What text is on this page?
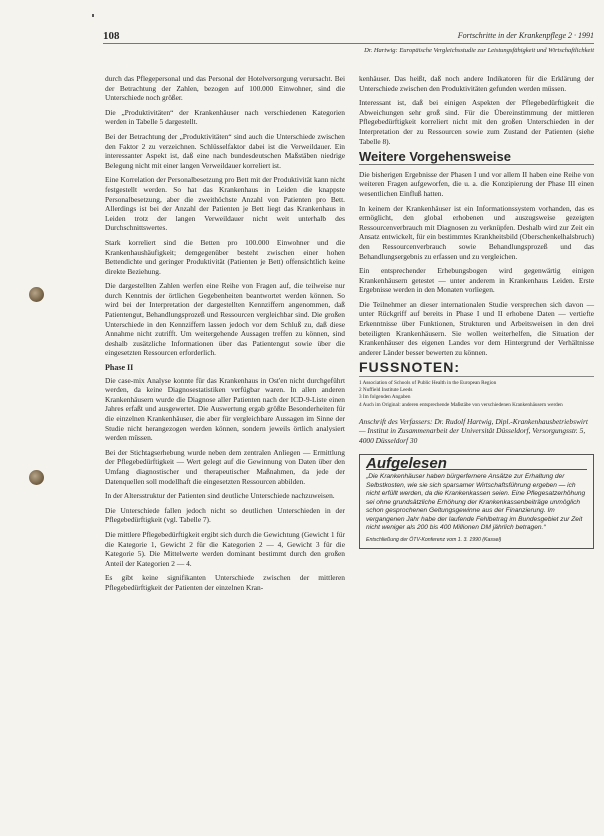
108	Fortschritte in der Krankenpflege 2 · 1991
Dr. Hartwig: Europäische Vergleichsstudie zur Leistungsfähigkeit und Wirtschaftlichkeit

durch das Pflegepersonal und das Personal der Hotelversorgung verursacht. Bei der Betrachtung der Zahlen, bezogen auf 100.000 Einwohner, sind die Unterschiede noch größer.

Die „Produktivitäten“ der Krankenhäuser nach verschiedenen Kategorien werden in Tabelle 5 dargestellt.

Bei der Betrachtung der „Produktivitäten“ sind auch die Unterschiede zwischen den Faktor 2 zu verzeichnen. Schlüsselfaktor dabei ist die Verweildauer. Ein interessanter Aspekt ist, daß eine nach bundesdeutschen Maßstäben niedrige Belegung nicht mit einer langen Verweildauer korreliert ist.

Eine Korrelation der Personalbesetzung pro Bett mit der Produktivität kann nicht festgestellt werden. So hat das Krankenhaus in Leiden die knappste Personalbesetzung, aber die zweithöchste Anzahl von Patienten pro Bett. Allerdings ist bei der Anzahl der Patienten je Bett liegt das Krankenhaus in Leiden trotz der langen Verweildauer nicht weit unterhalb des Durchschnittswertes.

Stark korreliert sind die Betten pro 100.000 Einwohner und die Krankenhaushäufigkeit; demgegenüber besteht zwischen einer hohen Bettendichte und geringer Produktivität (Patienten je Bett) offensichtlich keine direkte Beziehung.

Die dargestellten Zahlen werfen eine Reihe von Fragen auf, die teilweise nur durch Kenntnis der örtlichen Gegebenheiten beantwortet werden können. So wird bei der Interpretation der dargestellten Kennziffern angenommen, daß Patientengut, Behandlungsprozeß und Ressourcen vergleichbar sind. Die großen Unterschiede in den Kennziffern lassen jedoch vor dem Schluß zu, daß diese Annahme nicht zutrifft. Um weitergehende Aussagen treffen zu können, sind deshalb zusätzliche Informationen über das Patientengut sowie über die eingesetzten Ressourcen erforderlich.

Phase II

Die case-mix Analyse konnte für das Krankenhaus in Ost'en nicht durchgeführt werden, da keine Diagnosestatistiken verfügbar waren. In allen anderen Krankenhäusern wurde die Diagnose aller Patienten nach der ICD-9-Liste einen Jahres erfaßt und ausgewertet. Die Auswertung ergab größte Besonderheiten für die einzelnen Krankenhäuser, die aber für vergleichbare Aussagen im Sinne der Studie nicht herangezogen werden können, sondern jeweils örtlich analysiert werden müssen.

Bei der Stichtagserhebung wurde neben dem zentralen Anliegen — Ermittlung der Pflegebedürftigkeit — Wert gelegt auf die Gewinnung von Daten über den Umfang diagnostischer und therapeutischer Maßnahmen, da jede der Datenquellen soll modellhaft die eingesetzten Ressourcen abbilden.

In der Altersstruktur der Patienten sind deutliche Unterschiede nachzuweisen.

Die Unterschiede fallen jedoch nicht so deutlichen Unterschieden in der Pflegebedürftigkeit (vgl. Tabelle 7).

Die mittlere Pflegebedürftigkeit ergibt sich durch die Gewichtung (Gewicht 1 für die Kategorie 1, Gewicht 2 für die Kategorien 2 — 4, Gewicht 3 für die Kategorie 5). Die Mittelwerte werden dominant bestimmt durch den großen Anteil der Kategorien 2 — 4.

Es gibt keine signifikanten Unterschiede zwischen der mittleren Pflegebedürftigkeit der Patienten der einzelnen Kran-

kenhäuser. Das heißt, daß noch andere Indikatoren für die Erklärung der Unterschiede zwischen den Produktivitäten gefunden werden müssen.

Interessant ist, daß bei einigen Aspekten der Pflegebedürftigkeit die Abweichungen sehr groß sind. Für die Übereinstimmung der mittleren Pflegebedürftigkeit korreliert nicht mit den großen Unterschieden in der Interpretation der zu Ressourcen sowie zum Zustand der Patienten (siehe Tabelle 8).

Weitere Vorgehensweise

Die bisherigen Ergebnisse der Phasen I und vor allem II haben eine Reihe von weiteren Fragen aufgeworfen, die u. a. die Konzipierung der Phase III einen wesentlichen Einfluß hatten.

In keinem der Krankenhäuser ist ein Informationssystem vorhanden, das es ermöglicht, den global erhobenen und auszugsweise gezeigten Ressourcenverbrauch mit Diagnosen zu verknüpfen. Deshalb wird zur Zeit ein Ansatz entwickelt, für ein bestimmtes Krankheitsbild (Oberschenkelhalsbruch) den Ressourcenverbrauch sowie Behandlungsprozeß und das Behandlungsergebnis zu erfassen und zu vergleichen.

Ein entsprechender Erhebungsbogen wird gegenwärtig einigen Krankenhäusern getestet — unter anderem in Krankenhaus Leiden. Erste Ergebnisse werden in den Monaten vorliegen.

Die Teilnehmer an dieser internationalen Studie versprechen sich davon — unter Rückgriff auf bereits in Phase I und II erhobene Daten — vertiefte Erkenntnisse über Funktionen, Strukturen und Arbeitsweisen in den drei beteiligten Krankenhäusern. Sie wollen weiterhelfen, die Situation der Krankenhäuser des eigenen Landes vor dem Hintergrund der Verhältnisse anderer Länder besser bewerten zu können.

FUSSNOTEN:
1 Association of Schools of Public Health in the European Region
2 Nuffield Institute Leeds
3 Im folgenden Angaben
4 Auch im Original: anderen entsprechende Maßstäbe von verschiedenen Krankenhäusern werden
Anschrift des Verfassers: Dr. Rudolf Hartwig, Dipl.-Krankenhausbetriebswirt — Institut in Zusammenarbeit der Universität Düsseldorf, Versorgungsstr. 5, 4000 Düsseldorf 30
Aufgelesen
„Die Krankenhäuser haben bürgerfernere Ansätze zur Erhaltung der Selbstkosten, wie sie sich sparsamer Wirtschaftsführung ergeben — ich nicht erfüllt werden, da die Krankenkassen seien. Eine Pflegesatzerhöhung sei ohne grundsätzliche Erhöhung der Krankenkassenbeiträge unmöglich schon gesprochenen Geltungsgewinne aus der Finanzierung. Im vergangenen Jahr habe der laufende Fehlbetrag im Bundesgebiet zur Zeit nicht weniger als 200 bis 400 Millionen DM jährlich betragen.“
Entschließung der ÖTV-Konferenz vom 1. 3. 1990 (Kassel)
